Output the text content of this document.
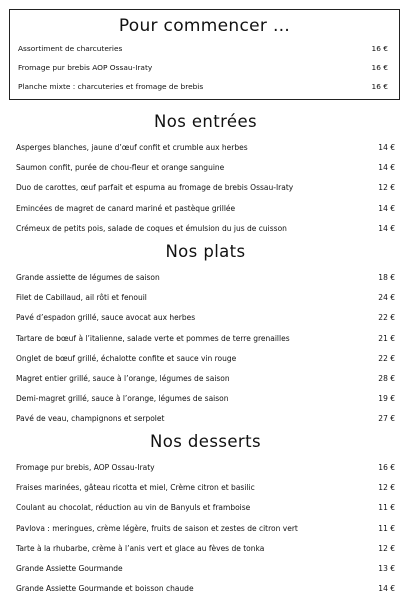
Pour commencer …
Assortiment de charcuteries	16 €
Fromage pur brebis AOP Ossau-Iraty	16 €
Planche mixte : charcuteries et fromage de brebis	16 €
Nos entrées
Asperges blanches, jaune d’œuf confit et crumble aux herbes	14 €
Saumon confit, purée de chou-fleur et orange sanguine	14 €
Duo de carottes, œuf parfait et espuma au fromage de brebis Ossau-Iraty	12 €
Emincées de magret de canard mariné et pastèque grillée	14 €
Crémeux de petits pois, salade de coques et émulsion du jus de cuisson	14 €
Nos plats
Grande assiette de légumes de saison	18 €
Filet de Cabillaud, ail rôti et fenouil	24 €
Pavé d’espadon grillé, sauce avocat aux herbes	22 €
Tartare de bœuf à l’italienne, salade verte et pommes de terre grenailles	21 €
Onglet de bœuf grillé, échalotte confite et sauce vin rouge	22 €
Magret entier grillé, sauce à l’orange, légumes de saison	28 €
Demi-magret grillé, sauce à l’orange, légumes de saison	19 €
Pavé de veau, champignons et serpolet	27 €
Nos desserts
Fromage pur brebis, AOP Ossau-Iraty	16 €
Fraises marinées, gâteau ricotta et miel, Crème citron et basilic	12 €
Coulant au chocolat, réduction au vin de Banyuls et framboise	11 €
Pavlova : meringues, crème légère, fruits de saison et zestes de citron vert	11 €
Tarte à la rhubarbe, crème à l’anis vert et glace au fèves de tonka	12 €
Grande Assiette Gourmande	13 €
Grande Assiette Gourmande et boisson chaude	14 €
